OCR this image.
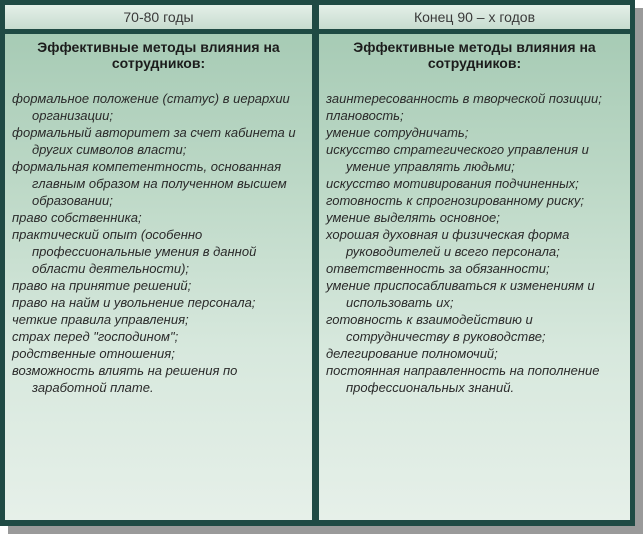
70-80 годы	Конец 90 – х годов
Эффективные методы влияния на сотрудников:
формальное положение (статус) в иерархии организации;
формальный авторитет за счет кабинета и других символов власти;
формальная компетентность, основанная главным образом на полученном высшем образовании;
право собственника;
практический опыт (особенно профессиональные умения в данной области деятельности);
право на принятие решений;
право на найм и увольнение персонала;
четкие правила управления;
страх перед "господином";
родственные отношения;
возможность влиять на решения по заработной плате.
Эффективные методы влияния на сотрудников:
заинтересованность в творческой позиции;
плановость;
умение сотрудничать;
искусство стратегического управления и умение управлять людьми;
искусство мотивирования подчиненных;
готовность к спрогнозированному риску;
умение выделять основное;
хорошая духовная и физическая форма руководителей и всего персонала;
ответственность за обязанности;
умение приспосабливаться к изменениям и использовать их;
готовность к взаимодействию и сотрудничеству в руководстве;
делегирование полномочий;
постоянная направленность на пополнение профессиональных знаний.
